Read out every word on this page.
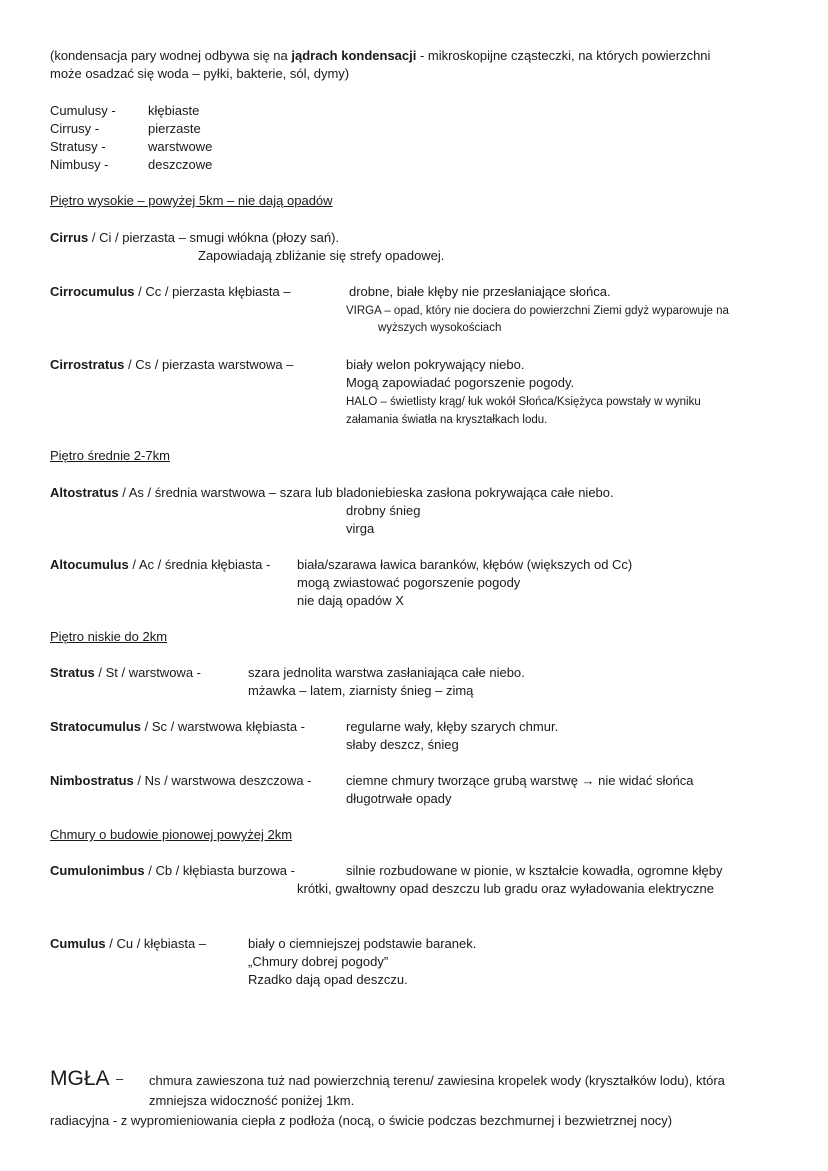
(kondensacja pary wodnej odbywa się na jądrach kondensacji - mikroskopijne cząsteczki, na których powierzchni
może osadzać się woda – pyłki, bakterie, sól, dymy)
Cumulusy - kłębiaste
Cirrusy -	pierzaste
Stratusy -	warstwowe
Nimbusy -	deszczowe
Piętro wysokie – powyżej 5km – nie dają opadów
Cirrus / Ci / pierzasta – smugi włókna (płozy sań).
Zapowiadają zbliżanie się strefy opadowej.
Cirrocumulus / Cc / pierzasta kłębiasta –	drobne, białe kłęby nie przesłaniające słońca.
VIRGA – opad, który nie dociera do powierzchni Ziemi gdyż wyparowuje na
wyższych wysokościach
Cirrostratus / Cs / pierzasta warstwowa –	biały welon pokrywający niebo.
Mogą zapowiadać pogorszenie pogody.
HALO – świetlisty krąg/ łuk wokół Słońca/Księżyca powstały w wyniku
załamania światła na kryształkach lodu.
Piętro średnie 2-7km
Altostratus / As / średnia warstwowa – szara lub bladoniebieska zasłona pokrywająca całe niebo.
drobny śnieg
virga
Altocumulus / Ac / średnia kłębiasta - biała/szarawa ławica baranków, kłębów (większych od Cc)
mogą zwiastować pogorszenie pogody
nie dają opadów X
Piętro niskie do 2km
Stratus / St / warstwowa -	szara jednolita warstwa zasłaniająca całe niebo.
mżawka – latem, ziarnisty śnieg – zimą
Stratocumulus / Sc / warstwowa kłębiasta -	regularne wały, kłęby szarych chmur.
słaby deszcz, śnieg
Nimbostratus / Ns / warstwowa deszczowa -	ciemne chmury tworzące grubą warstwę → nie widać słońca
długotrwałe opady
Chmury o budowie pionowej powyżej 2km
Cumulonimbus / Cb / kłębiasta burzowa -	silnie rozbudowane w pionie, w kształcie kowadła, ogromne kłęby
krótki, gwałtowny opad deszczu lub gradu oraz wyładowania elektryczne
Cumulus / Cu / kłębiasta –	biały o ciemniejszej podstawie baranek.
„Chmury dobrej pogody”
Rzadko dają opad deszczu.
MGŁA – chmura zawieszona tuż nad powierzchnią terenu/ zawiesina kropelek wody (kryształków lodu), która
zmniejsza widoczność poniżej 1km.
radiacyjna - z wypromieniowania ciepła z podłoża (nocą, o świcie podczas bezchmurnej i bezwietrznej nocy)
